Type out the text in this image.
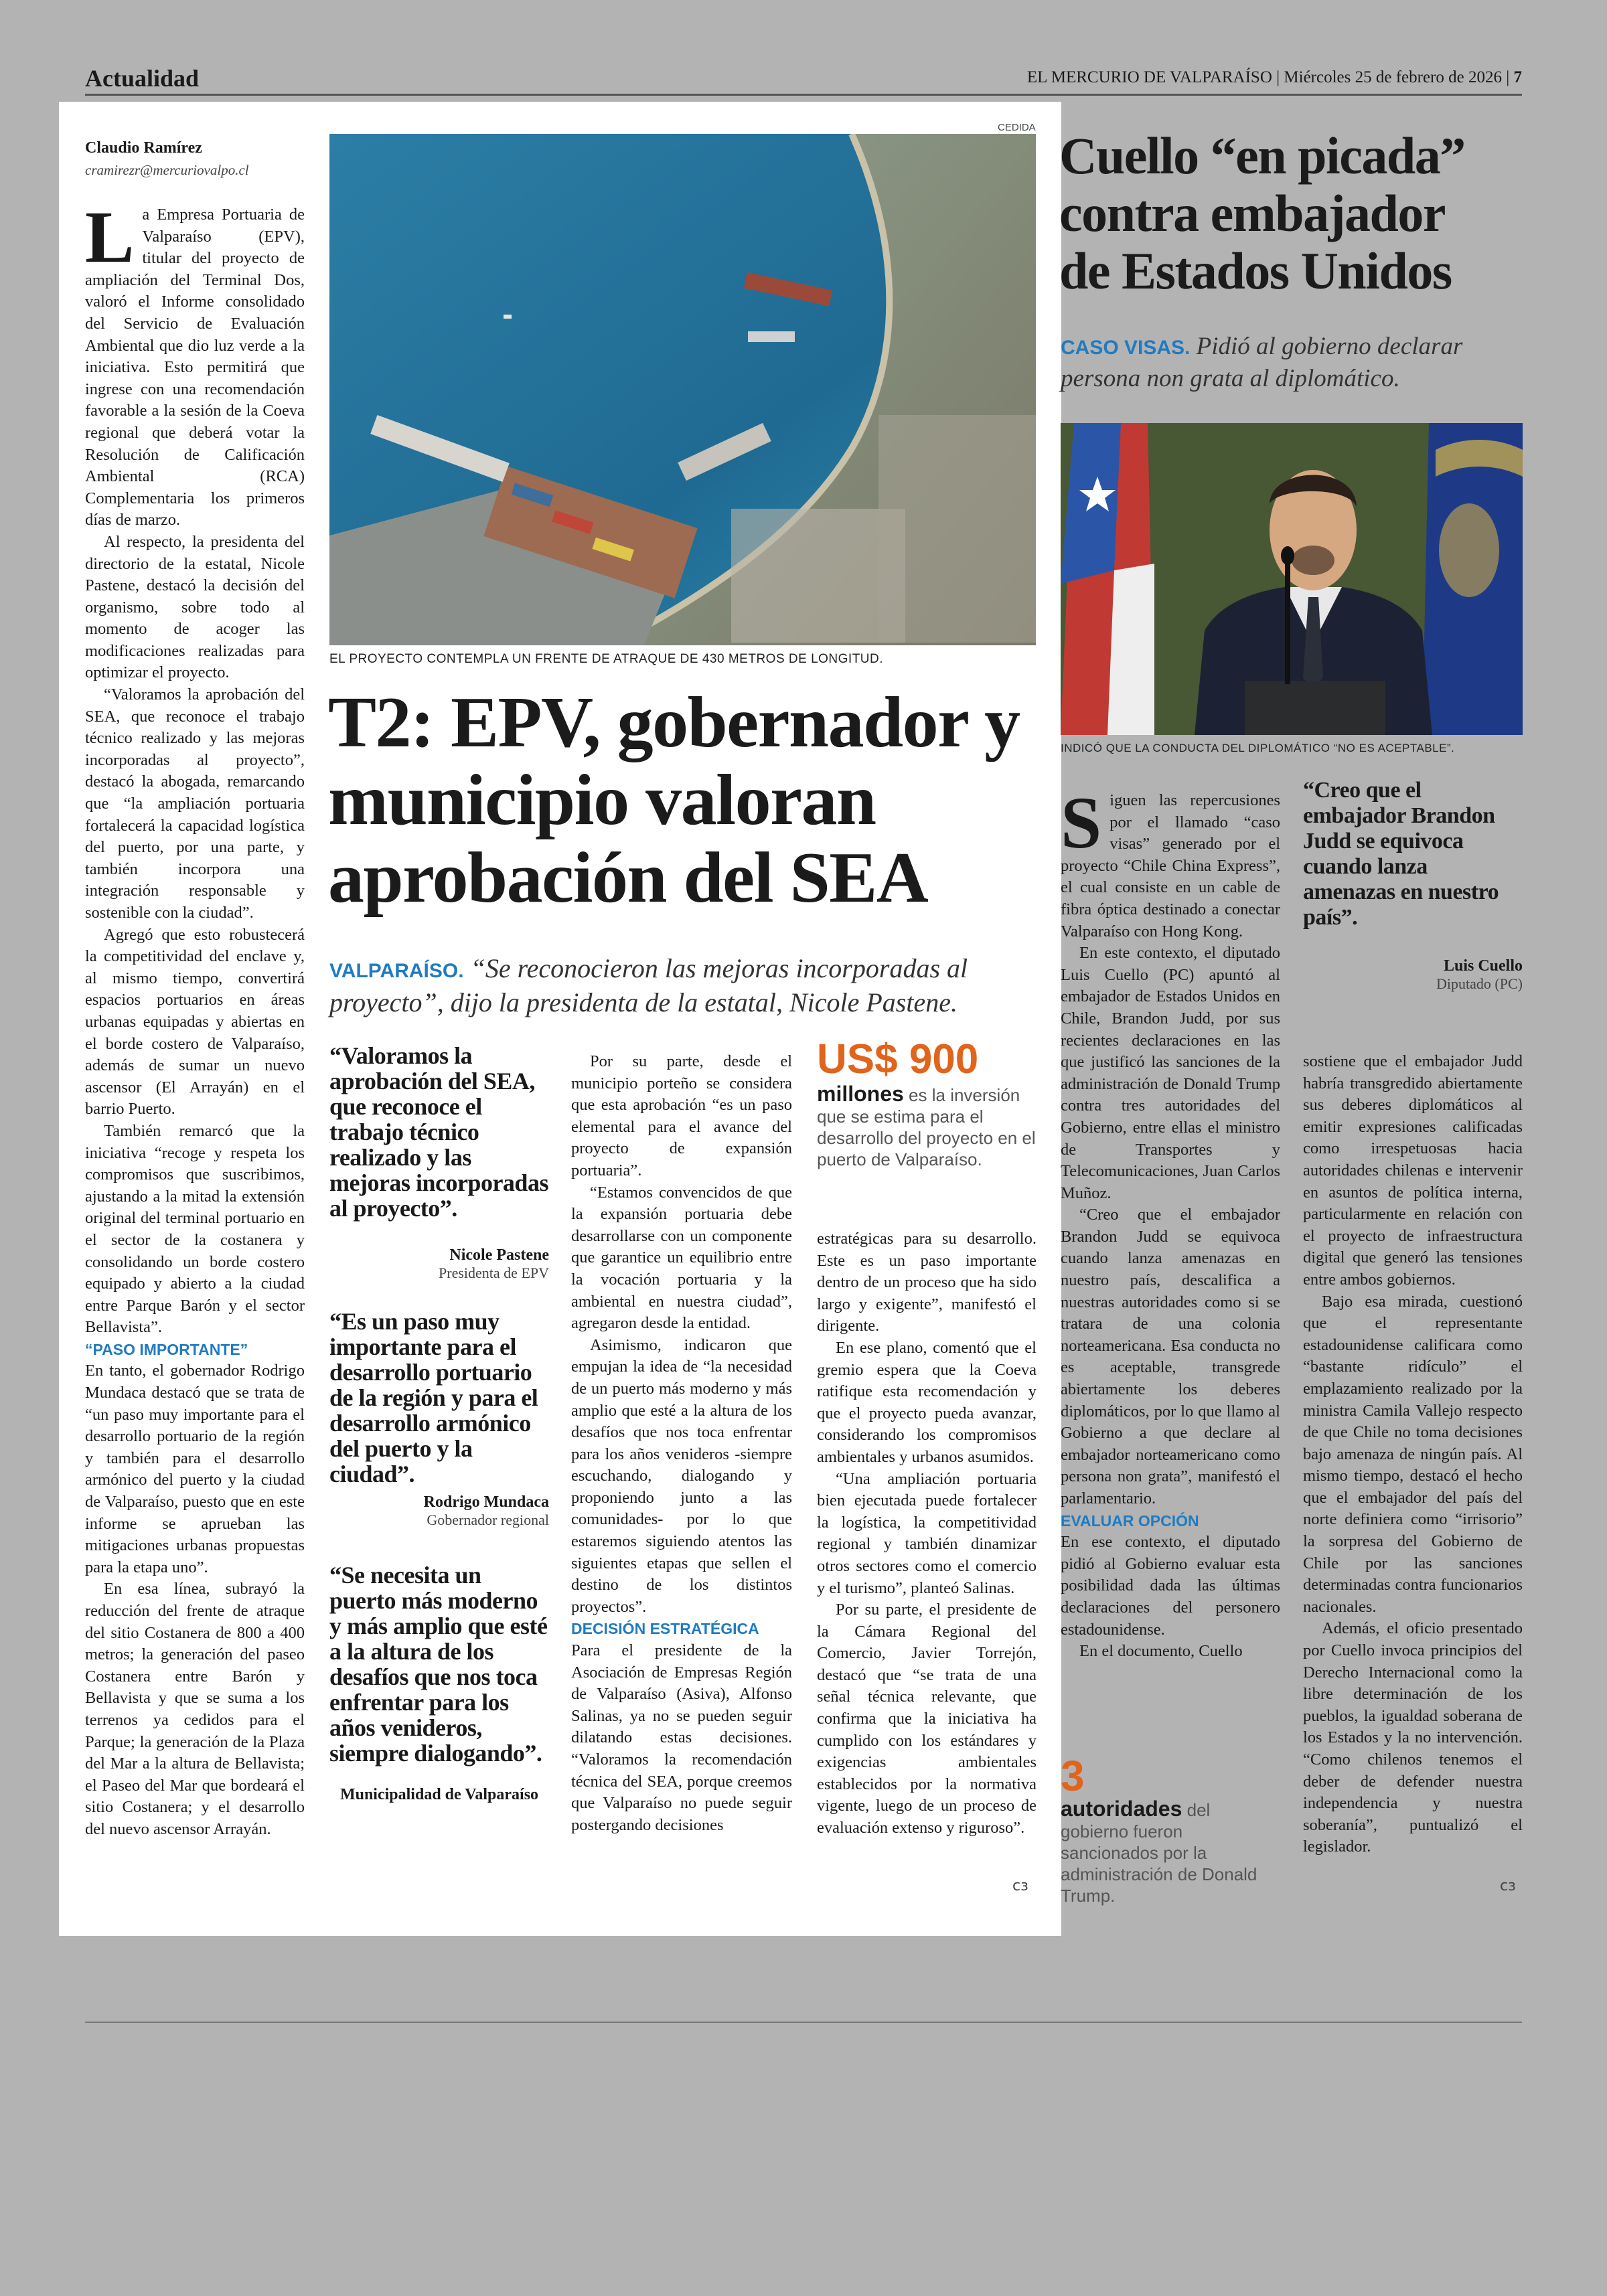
Actualidad	EL MERCURIO DE VALPARAÍSO | Miércoles 25 de febrero de 2026 | 7
Claudio Ramírez
cramirezr@mercuriovalpo.cl

La Empresa Portuaria de Valparaíso (EPV), titular del proyecto de ampliación del Terminal Dos, valoró el Informe consolidado del Servicio de Evaluación Ambiental que dio luz verde a la iniciativa. Esto permitirá que ingrese con una recomendación favorable a la sesión de la Coeva regional que deberá votar la Resolución de Calificación Ambiental (RCA) Complementaria los primeros días de marzo.

Al respecto, la presidenta del directorio de la estatal, Nicole Pastene, destacó la decisión del organismo, sobre todo al momento de acoger las modificaciones realizadas para optimizar el proyecto.

“Valoramos la aprobación del SEA, que reconoce el trabajo técnico realizado y las mejoras incorporadas al proyecto”, destacó la abogada, remarcando que “la ampliación portuaria fortalecerá la capacidad logística del puerto, por una parte, y también incorpora una integración responsable y sostenible con la ciudad”.

Agregó que esto robustecerá la competitividad del enclave y, al mismo tiempo, convertirá espacios portuarios en áreas urbanas equipadas y abiertas en el borde costero de Valparaíso, además de sumar un nuevo ascensor (El Arrayán) en el barrio Puerto.

También remarcó que la iniciativa “recoge y respeta los compromisos que suscribimos, ajustando a la mitad la extensión original del terminal portuario en el sector de la costanera y consolidando un borde costero equipado y abierto a la ciudad entre Parque Barón y el sector Bellavista”.

“PASO IMPORTANTE”

En tanto, el gobernador Rodrigo Mundaca destacó que se trata de “un paso muy importante para el desarrollo portuario de la región y también para el desarrollo armónico del puerto y la ciudad de Valparaíso, puesto que en este informe se aprueban las mitigaciones urbanas propuestas para la etapa uno”.

En esa línea, subrayó la reducción del frente de atraque del sitio Costanera de 800 a 400 metros; la generación del paseo Costanera entre Barón y Bellavista y que se suma a los terrenos ya cedidos para el Parque; la generación de la Plaza del Mar a la altura de Bellavista; el Paseo del Mar que bordeará el sitio Costanera; y el desarrollo del nuevo ascensor Arrayán.

CEDIDA
EL PROYECTO CONTEMPLA UN FRENTE DE ATRAQUE DE 430 METROS DE LONGITUD.
T2: EPV, gobernador y
municipio valoran
aprobación del SEA
VALPARAÍSO. “Se reconocieron las mejoras incorporadas al proyecto”, dijo la presidenta de la estatal, Nicole Pastene.
“Valoramos la aprobación del SEA, que reconoce el trabajo técnico realizado y las mejoras incorporadas al proyecto”.
Nicole Pastene
Presidenta de EPV
“Es un paso muy importante para el desarrollo portuario de la región y para el desarrollo armónico del puerto y la ciudad”.
Rodrigo Mundaca
Gobernador regional
“Se necesita un puerto más moderno y más amplio que esté a la altura de los desafíos que nos toca enfrentar para los años venideros, siempre dialogando”.
Municipalidad de Valparaíso

Por su parte, desde el municipio porteño se considera que esta aprobación “es un paso elemental para el avance del proyecto de expansión portuaria”.

“Estamos convencidos de que la expansión portuaria debe desarrollarse con un componente que garantice un equilibrio entre la vocación portuaria y la ambiental en nuestra ciudad”, agregaron desde la entidad.

Asimismo, indicaron que empujan la idea de “la necesidad de un puerto más moderno y más amplio que esté a la altura de los desafíos que nos toca enfrentar para los años venideros -siempre escuchando, dialogando y proponiendo junto a las comunidades- por lo que estaremos siguiendo atentos las siguientes etapas que sellen el destino de los distintos proyectos”.

DECISIÓN ESTRATÉGICA

Para el presidente de la Asociación de Empresas Región de Valparaíso (Asiva), Alfonso Salinas, ya no se pueden seguir dilatando estas decisiones. “Valoramos la recomendación técnica del SEA, porque creemos que Valparaíso no puede seguir postergando decisiones

US$ 900
millones es la inversión que se estima para el desarrollo del proyecto en el puerto de Valparaíso.

estratégicas para su desarrollo. Este es un paso importante dentro de un proceso que ha sido largo y exigente”, manifestó el dirigente.

En ese plano, comentó que el gremio espera que la Coeva ratifique esta recomendación y que el proyecto pueda avanzar, considerando los compromisos ambientales y urbanos asumidos.

“Una ampliación portuaria bien ejecutada puede fortalecer la logística, la competitividad regional y también dinamizar otros sectores como el comercio y el turismo”, planteó Salinas.

Por su parte, el presidente de la Cámara Regional del Comercio, Javier Torrejón, destacó que “se trata de una señal técnica relevante, que confirma que la iniciativa ha cumplido con los estándares y exigencias ambientales establecidos por la normativa vigente, luego de un proceso de evaluación extenso y riguroso”.

cз
Cuello “en picada”
contra embajador
de Estados Unidos
CASO VISAS. Pidió al gobierno declarar persona non grata al diplomático.
INDICÓ QUE LA CONDUCTA DEL DIPLOMÁTICO “NO ES ACEPTABLE”.

Siguen las repercusiones por el llamado “caso visas” generado por el proyecto “Chile China Express”, el cual consiste en un cable de fibra óptica destinado a conectar Valparaíso con Hong Kong.

En este contexto, el diputado Luis Cuello (PC) apuntó al embajador de Estados Unidos en Chile, Brandon Judd, por sus recientes declaraciones en las que justificó las sanciones de la administración de Donald Trump contra tres autoridades del Gobierno, entre ellas el ministro de Transportes y Telecomunicaciones, Juan Carlos Muñoz.

“Creo que el embajador Brandon Judd se equivoca cuando lanza amenazas en nuestro país, descalifica a nuestras autoridades como si se tratara de una colonia norteamericana. Esa conducta no es aceptable, transgrede abiertamente los deberes diplomáticos, por lo que llamo al Gobierno a que declare al embajador norteamericano como persona non grata”, manifestó el parlamentario.

EVALUAR OPCIÓN

En ese contexto, el diputado pidió al Gobierno evaluar esta posibilidad dada las últimas declaraciones del personero estadounidense.

En el documento, Cuello

3
autoridades del gobierno fueron sancionados por la administración de Donald Trump.
“Creo que el embajador Brandon Judd se equivoca cuando lanza amenazas en nuestro país”.
Luis Cuello
Diputado (PC)

sostiene que el embajador Judd habría transgredido abiertamente sus deberes diplomáticos al emitir expresiones calificadas como irrespetuosas hacia autoridades chilenas e intervenir en asuntos de política interna, particularmente en relación con el proyecto de infraestructura digital que generó las tensiones entre ambos gobiernos.

Bajo esa mirada, cuestionó que el representante estadounidense calificara como “bastante ridículo” el emplazamiento realizado por la ministra Camila Vallejo respecto de que Chile no toma decisiones bajo amenaza de ningún país. Al mismo tiempo, destacó el hecho que el embajador del país del norte definiera como “irrisorio” la sorpresa del Gobierno de Chile por las sanciones determinadas contra funcionarios nacionales.

Además, el oficio presentado por Cuello invoca principios del Derecho Internacional como la libre determinación de los pueblos, la igualdad soberana de los Estados y la no intervención. “Como chilenos tenemos el deber de defender nuestra independencia y nuestra soberanía”, puntualizó el legislador.

cз
